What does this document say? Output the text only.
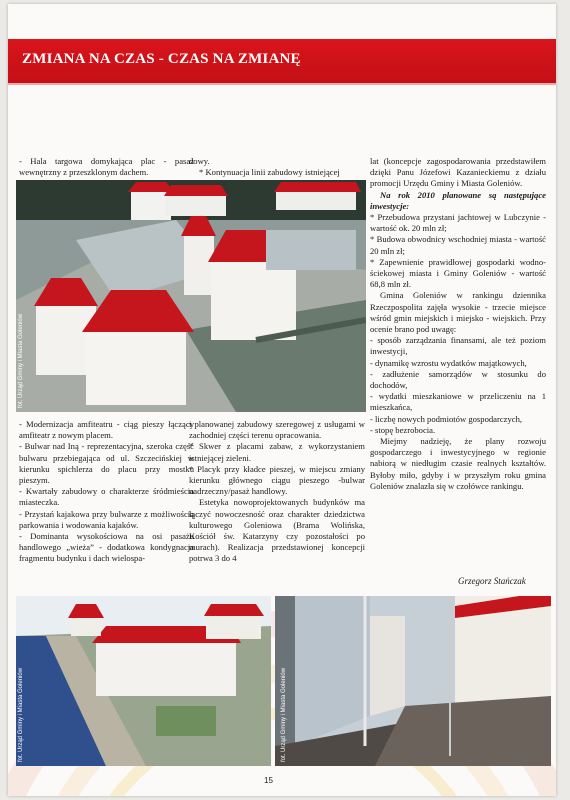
ZMIANA NA CZAS - CZAS NA ZMIANĘ

- Hala targowa domykająca plac - pasaż wewnętrzny z przeszklonym dachem.

dowy.

* Kontynuacja linii zabudowy istniejącej

lat (koncepcje zagospodarowania przedstawiłem dzięki Panu Józefowi Kazanieckiemu z działu promocji Urzędu Gminy i Miasta Goleniów.

Na rok 2010 planowane są następujące inwestycje:

* Przebudowa przystani jachtowej w Lubczynie - wartość ok. 20 mln zł;

* Budowa obwodnicy wschodniej miasta - wartość 20 mln zł;

* Zapewnienie prawidłowej gospodarki wodno-ściekowej miasta i Gminy Goleniów - wartość 68,8 mln zł.

Gmina Goleniów w rankingu dziennika Rzeczpospolita zajęła wysokie - trzecie miejsce wśród gmin miejskich i miejsko - wiejskich. Przy ocenie brano pod uwagę:

- sposób zarządzania finansami, ale też poziom inwestycji,

- dynamikę wzrostu wydatków majątkowych,

- zadłużenie samorządów w stosunku do dochodów,

- wydatki mieszkaniowe w przeliczeniu na 1 mieszkańca,

- liczbę nowych podmiotów gospodarczych,

- stopę bezrobocia.

Miejmy nadzieję, że plany rozwoju gospodarczego i inwestycyjnego w regionie nabiorą w niedługim czasie realnych kształtów. Byłoby miło, gdyby i w przyszłym roku gmina Goleniów znalazła się w czołówce rankingu.

Grzegorz Stańczak
fot. Urząd Gminy i Miasta Goleniów

- Modernizacja amfiteatru - ciąg pieszy łączący amfiteatr z nowym placem.

- Bulwar nad Iną - reprezentacyjna, szeroka część bulwaru przebiegająca od ul. Szczecińskiej w kierunku spichlerza do placu przy mostku pieszym.

- Kwartały zabudowy o charakterze śródmieścia miasteczka.

- Przystań kajakowa przy bulwarze z możliwością parkowania i wodowania kajaków.

- Dominanta wysokościowa na osi pasażu handlowego „wieża” - dodatkowa kondygnacja fragmentu budynku i dach wielospa-

i planowanej zabudowy szeregowej z usługami w zachodniej części terenu opracowania.

* Skwer z placami zabaw, z wykorzystaniem istniejącej zieleni.

* Placyk przy kładce pieszej, w miejscu zmiany kierunku głównego ciągu pieszego -bulwar nadrzeczny/pasaż handlowy.

Estetyka nowoprojektowanych budynków ma łączyć nowoczesność oraz charakter dziedzictwa kulturowego Goleniowa (Brama Wolińska, Kościół św. Katarzyny czy pozostałości po murach). Realizacja przedstawionej koncepcji potrwa 3 do 4

fot. Urząd Gminy i Miasta Goleniów	fot. Urząd Gminy i Miasta Goleniów
15
